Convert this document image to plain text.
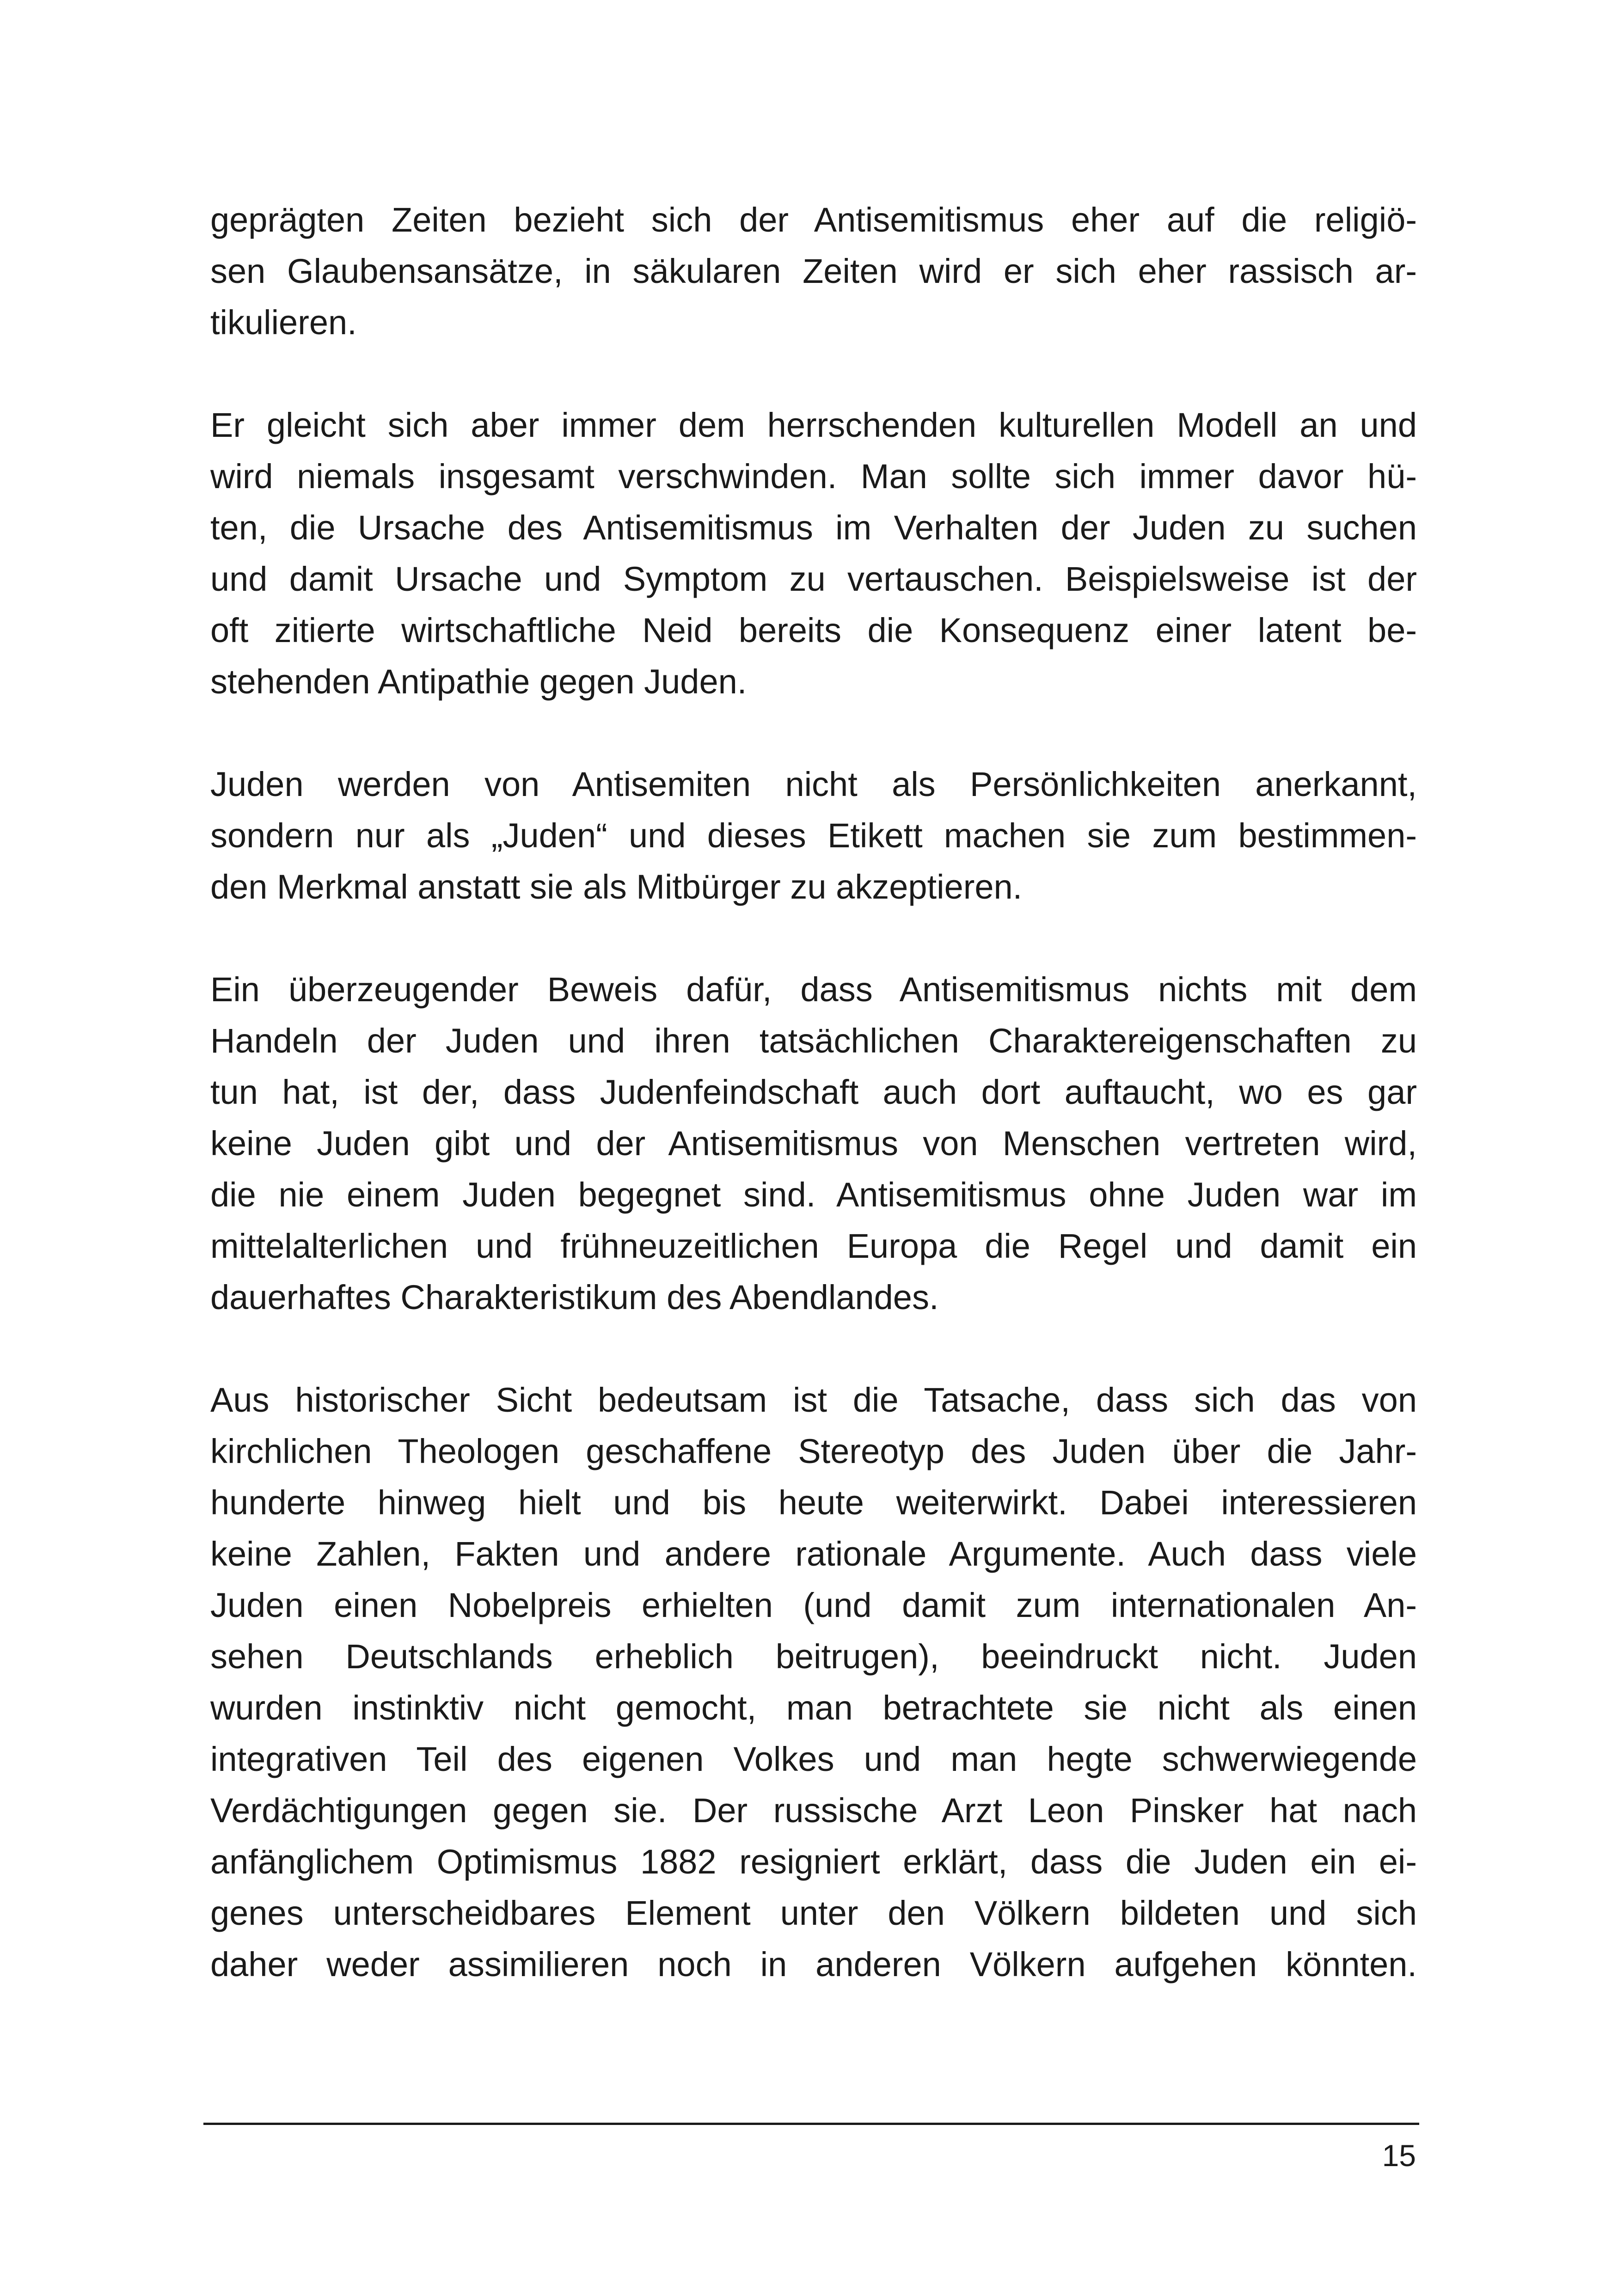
geprägten Zeiten bezieht sich der Antisemitismus eher auf die religiö-
sen Glaubensansätze, in säkularen Zeiten wird er sich eher rassisch ar-
tikulieren.
Er gleicht sich aber immer dem herrschenden kulturellen Modell an und
wird niemals insgesamt verschwinden. Man sollte sich immer davor hü-
ten, die Ursache des Antisemitismus im Verhalten der Juden zu suchen
und damit Ursache und Symptom zu vertauschen. Beispielsweise ist der
oft zitierte wirtschaftliche Neid bereits die Konsequenz einer latent be-
stehenden Antipathie gegen Juden.
Juden werden von Antisemiten nicht als Persönlichkeiten anerkannt,
sondern nur als „Juden“ und dieses Etikett machen sie zum bestimmen-
den Merkmal anstatt sie als Mitbürger zu akzeptieren.
Ein überzeugender Beweis dafür, dass Antisemitismus nichts mit dem
Handeln der Juden und ihren tatsächlichen Charaktereigenschaften zu
tun hat, ist der, dass Judenfeindschaft auch dort auftaucht, wo es gar
keine Juden gibt und der Antisemitismus von Menschen vertreten wird,
die nie einem Juden begegnet sind. Antisemitismus ohne Juden war im
mittelalterlichen und frühneuzeitlichen Europa die Regel und damit ein
dauerhaftes Charakteristikum des Abendlandes.
Aus historischer Sicht bedeutsam ist die Tatsache, dass sich das von
kirchlichen Theologen geschaffene Stereotyp des Juden über die Jahr-
hunderte hinweg hielt und bis heute weiterwirkt. Dabei interessieren
keine Zahlen, Fakten und andere rationale Argumente. Auch dass viele
Juden einen Nobelpreis erhielten (und damit zum internationalen An-
sehen Deutschlands erheblich beitrugen), beeindruckt nicht. Juden
wurden instinktiv nicht gemocht, man betrachtete sie nicht als einen
integrativen Teil des eigenen Volkes und man hegte schwerwiegende
Verdächtigungen gegen sie. Der russische Arzt Leon Pinsker hat nach
anfänglichem Optimismus 1882 resigniert erklärt, dass die Juden ein ei-
genes unterscheidbares Element unter den Völkern bildeten und sich
daher weder assimilieren noch in anderen Völkern aufgehen könnten.
15
